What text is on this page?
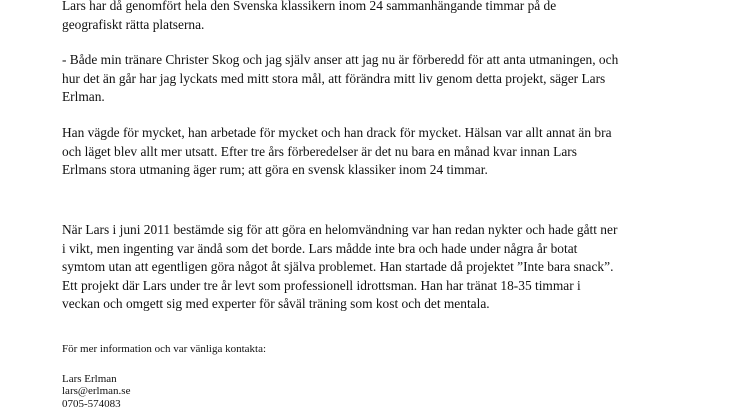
Lars har då genomfört hela den Svenska klassikern inom 24 sammanhängande timmar på de
geografiskt rätta platserna.
- Både min tränare Christer Skog och jag själv anser att jag nu är förberedd för att anta utmaningen, och
hur det än går har jag lyckats med mitt stora mål, att förändra mitt liv genom detta projekt, säger Lars
Erlman.
Han vägde för mycket, han arbetade för mycket och han drack för mycket. Hälsan var allt annat än bra
och läget blev allt mer utsatt. Efter tre års förberedelser är det nu bara en månad kvar innan Lars
Erlmans stora utmaning äger rum; att göra en svensk klassiker inom 24 timmar.
När Lars i juni 2011 bestämde sig för att göra en helomvändning var han redan nykter och hade gått ner
i vikt, men ingenting var ändå som det borde. Lars mådde inte bra och hade under några år botat
symtom utan att egentligen göra något åt själva problemet. Han startade då projektet ”Inte bara snack”.
Ett projekt där Lars under tre år levt som professionell idrottsman. Han har tränat 18-35 timmar i
veckan och omgett sig med experter för såväl träning som kost och det mentala.
För mer information och var vänliga kontakta:
Lars Erlman
lars@erlman.se
0705-574083
